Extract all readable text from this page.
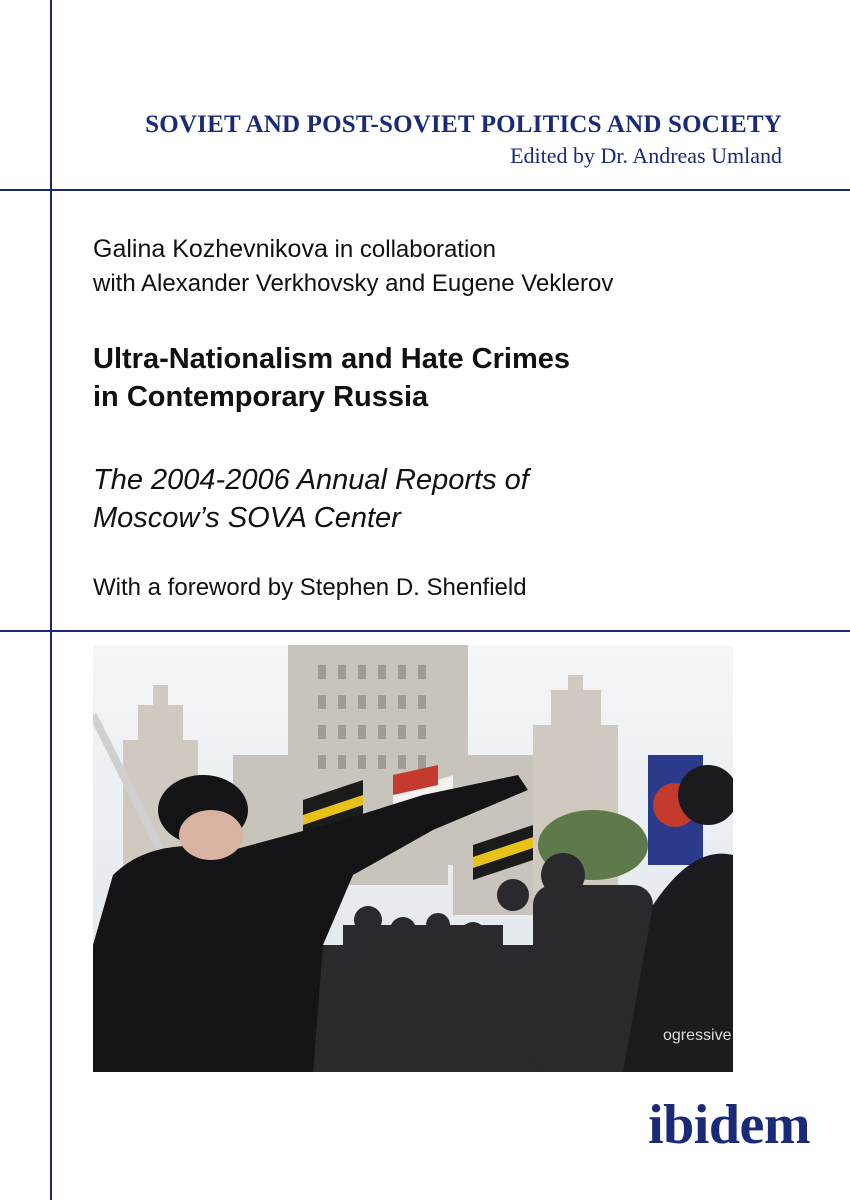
SOVIET AND POST-SOVIET POLITICS AND SOCIETY
Edited by Dr. Andreas Umland
Galina Kozhevnikova in collaboration
with Alexander Verkhovsky and Eugene Veklerov
Ultra-Nationalism and Hate Crimes
in Contemporary Russia
The 2004-2006 Annual Reports of
Moscow’s SOVA Center
With a foreword by Stephen D. Shenfield
ogressive
ibidem
